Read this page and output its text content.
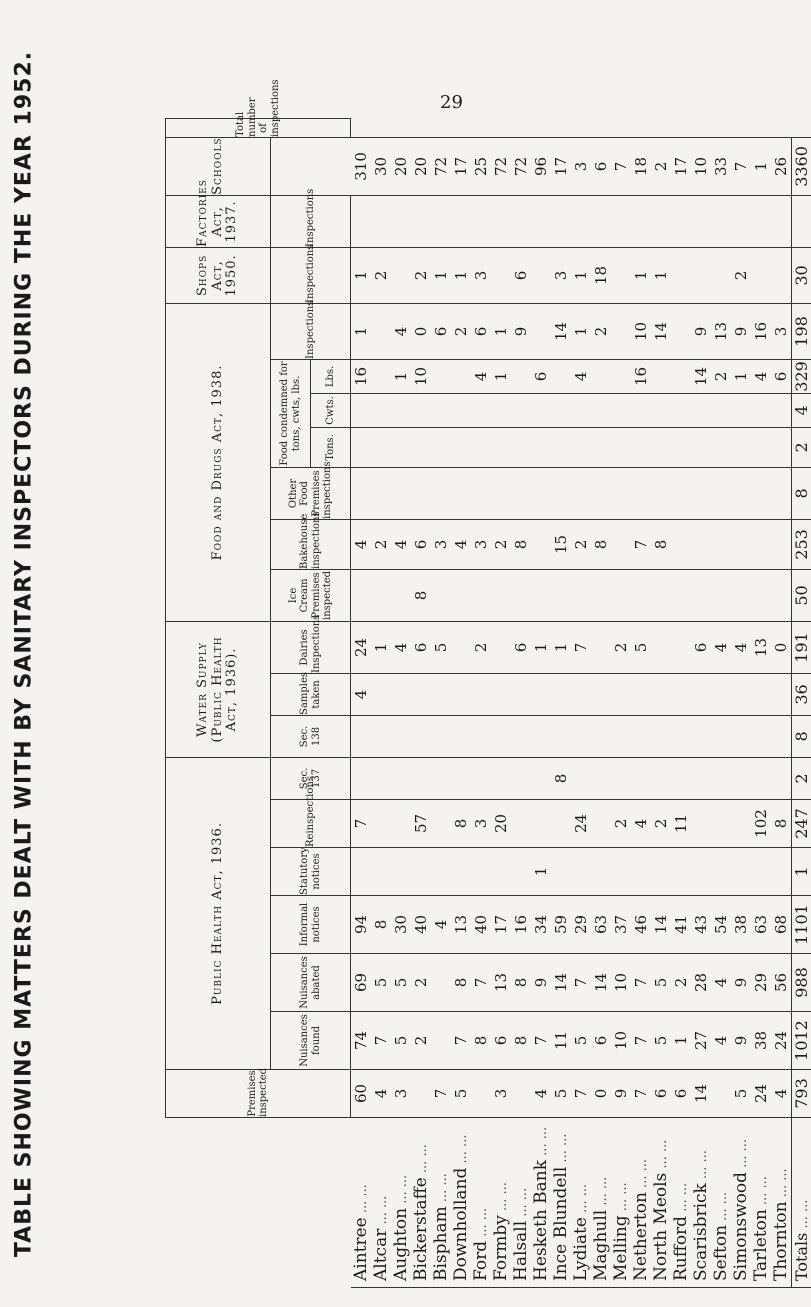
TABLE SHOWING MATTERS DEALT WITH BY SANITARY INSPECTORS DURING THE YEAR 1952.	29
	Premises inspected	Public Health Act, 1936.						Water Supply (Public Health Act, 1936).			Food and Drugs Act, 1938.							Shops Act, 1950.	Factories Act, 1937.	Schools	Total number of inspections
		Nuisances found	Nuisances abated	Informal notices	Statutory notices	Reinspections	Sec. 137	Sec. 138	Samples taken	Dairies Inspections	Ice Cream Premises inspected	Bakehouse inspections	Other Food Premises inspections	Food condemned for tons, cwts, lbs.			Inspections	Inspections	Inspections		
														Tons.	Cwts.	Lbs.					
Aintree ... ...	60	74	69	94		7			4	24		4				16	1	1		310	
Altcar ... ...	4	7	5	8						1		2						2		30	
Aughton ... ...	3	5	5	30						4		4				1	4			20	
Bickerstaffe ... ...		2	2	40		57				6	8	6				10	0	2		20	
Bispham ... ...	7			4						5		3					6	1		72	
Downholland ... ...	5	7	8	13		8						4					2	1		17	
Ford ... ...		8	7	40		3				2		3				4	6	3		25	
Formby ... ...	3	6	13	17		20						2				1	1			72	
Halsall ... ...		8	8	16						6		8					9	6		72	
Hesketh Bank ... ...	4	7	9	34	1					1						6				96	
Ince Blundell ... ...	5	11	14	59			8			1		15					14	3		17	
Lydiate ... ...	7	5	7	29		24				7		2				4	1	1		3	
Maghull ... ...	0	6	14	63								8					2	18		6	
Melling ... ...	9	10	10	37		2				2										7	
Netherton ... ...	7	7	7	46		4				5		7				16	10	1		18	
North Meols ... ...	6	5	5	14		2						8					14	1		2	
Rufford ... ...	6	1	2	41		11														17	
Scarisbrick ... ...	14	27	28	43						6						14	9			10	
Sefton ... ...		4	4	54						4						2	13			33	
Simonswood ... ...	5	9	9	38						4						1	9	2		7	
Tarleton ... ...	24	38	29	63		102				13						4	16			1	
Thornton ... ...	4	24	56	68		8				0						6	3			26	
Totals ... ...	793	1012	988	1101	1	247	2	8	36	191	50	253	8	2	4	329	198	30		3360	
